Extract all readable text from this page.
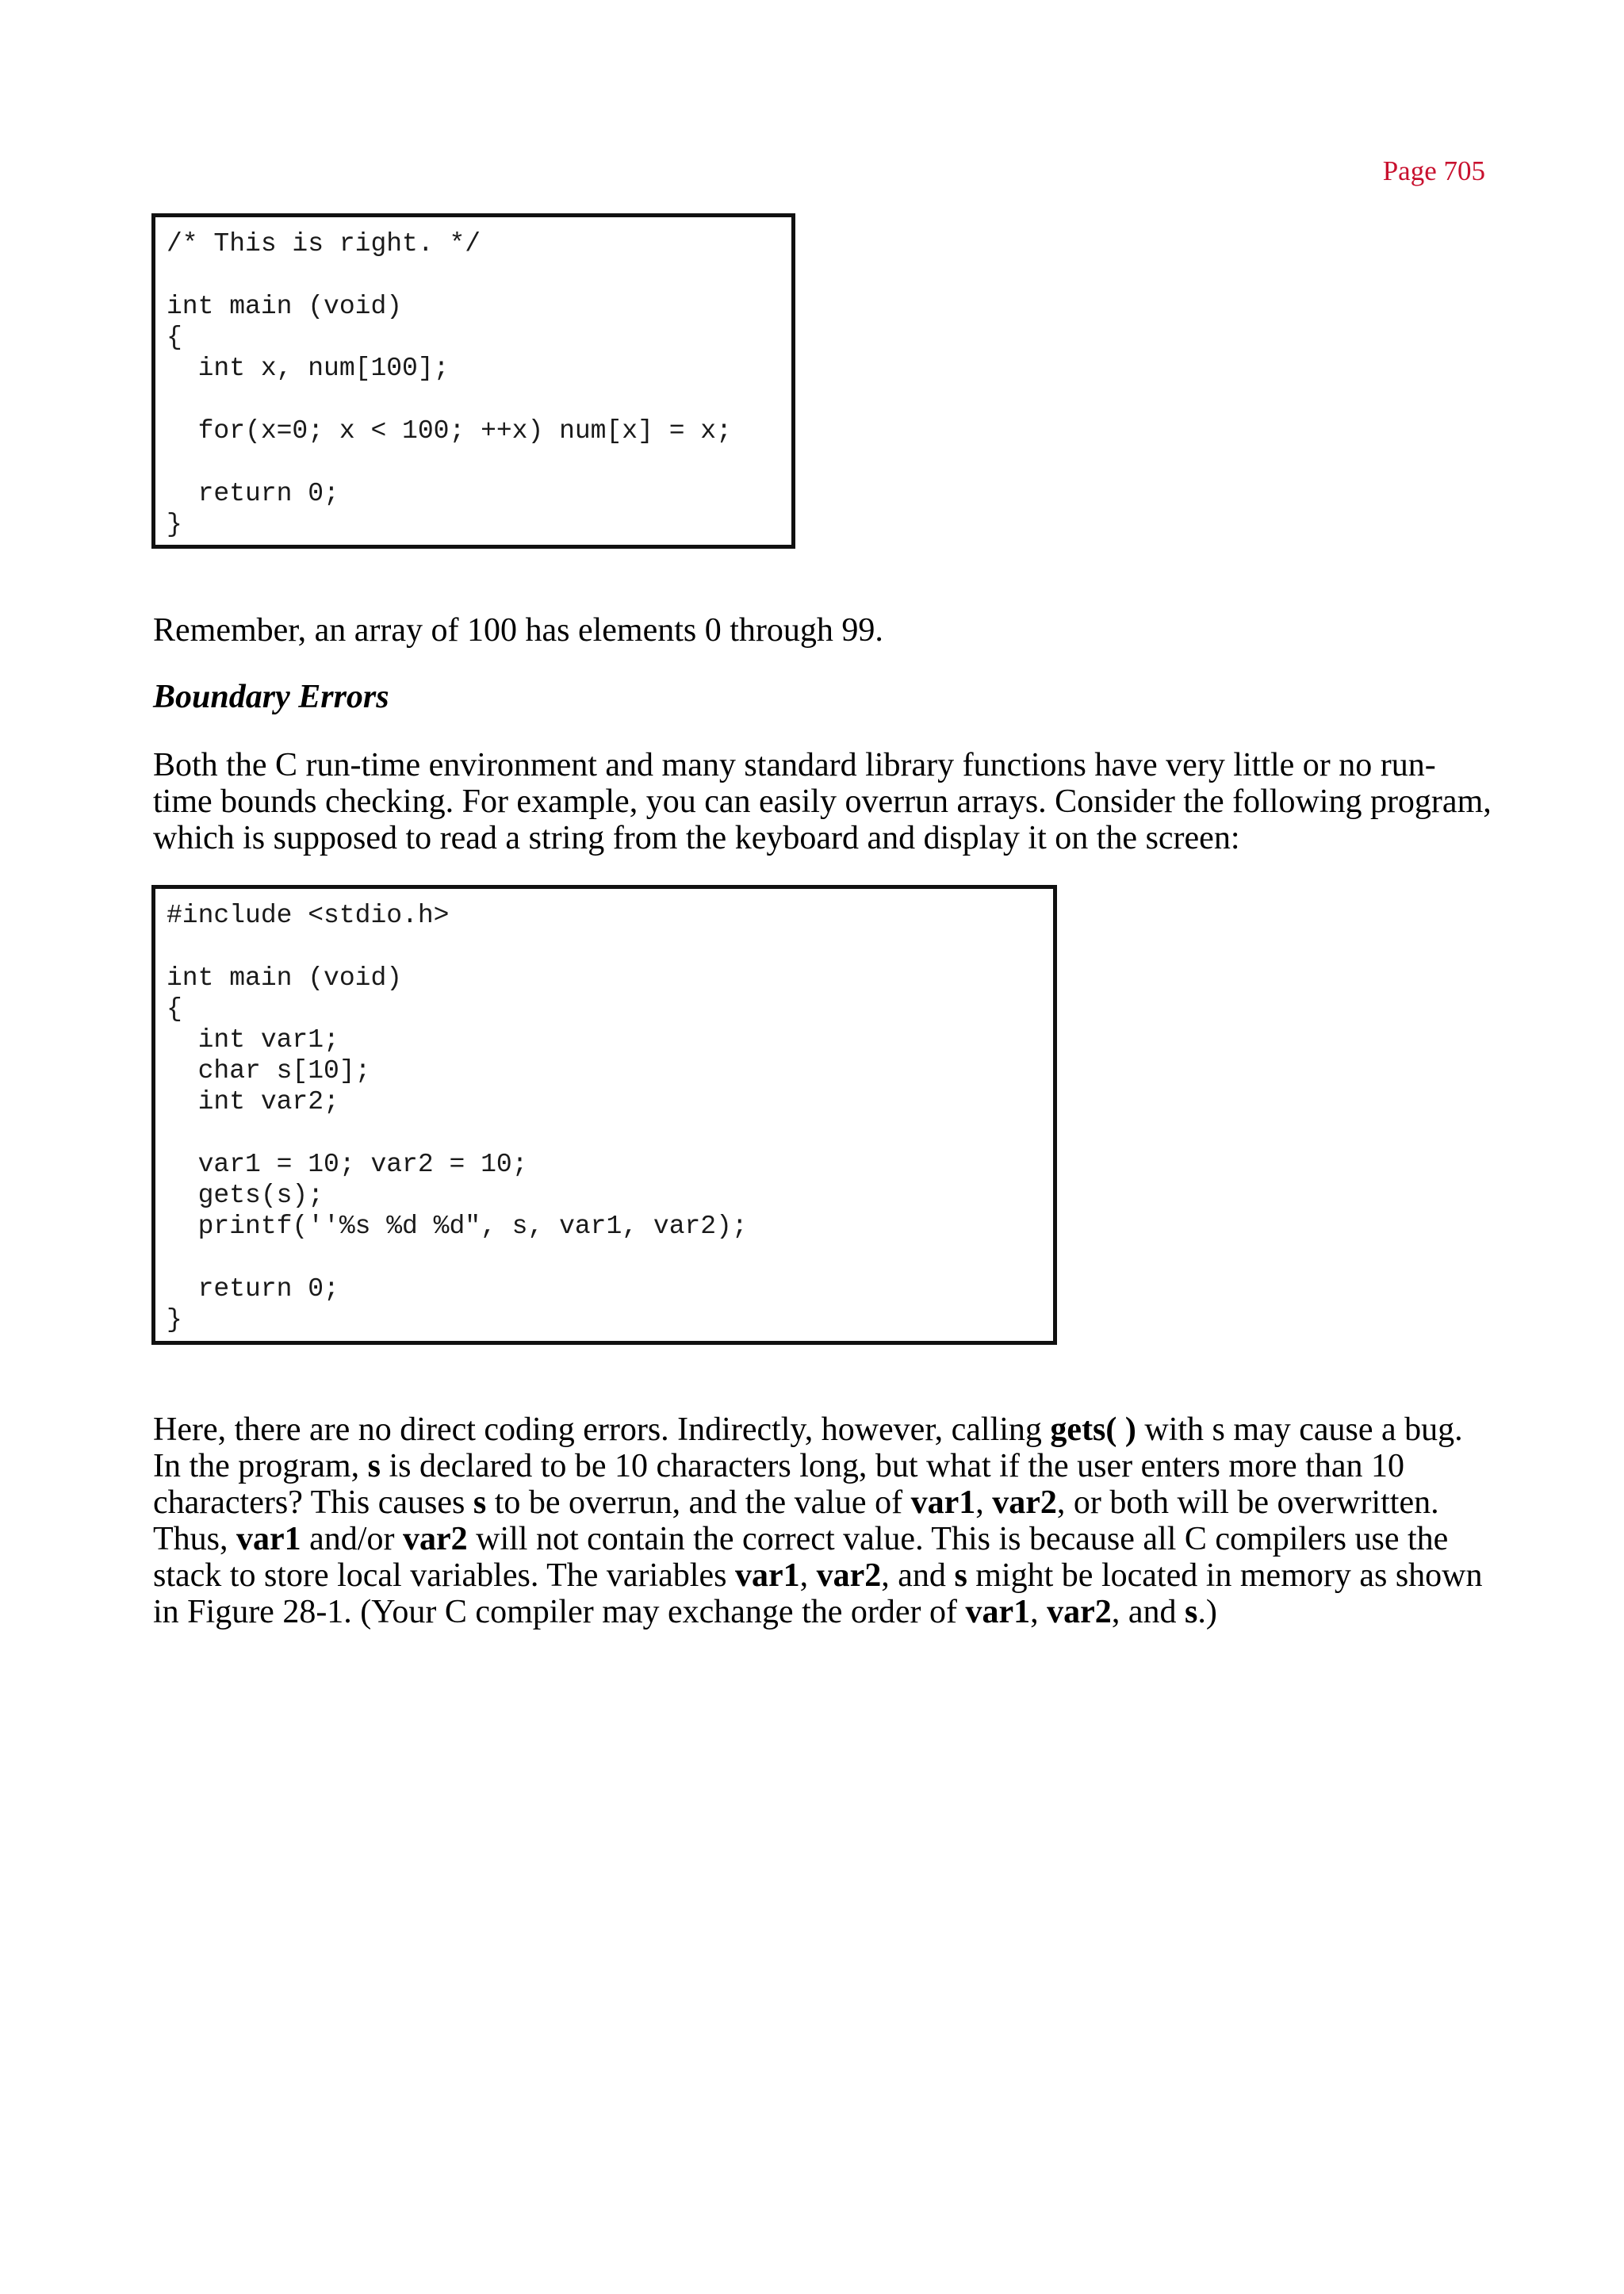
Page 705
/* This is right. */
int main (void)
{
int x, num[100];
for(x=0; x < 100; ++x) num[x] = x;
return 0;
}
Remember, an array of 100 has elements 0 through 99.
Boundary Errors
Both the C run-time environment and many standard library functions have very little or no run-time bounds checking. For example, you can easily overrun arrays. Consider the following program, which is supposed to read a string from the keyboard and display it on the screen:
#include <stdio.h>
int main (void)
{
int var1;
char s[10];
int var2;
var1 = 10; var2 = 10;
gets(s);
printf(''%s %d %d", s, var1, var2);
return 0;
}
Here, there are no direct coding errors. Indirectly, however, calling gets( ) with s may cause a bug. In the program, s is declared to be 10 characters long, but what if the user enters more than 10 characters? This causes s to be overrun, and the value of var1, var2, or both will be overwritten. Thus, var1 and/or var2 will not contain the correct value. This is because all C compilers use the stack to store local variables. The variables var1, var2, and s might be located in memory as shown in Figure 28-1. (Your C compiler may exchange the order of var1, var2, and s.)
